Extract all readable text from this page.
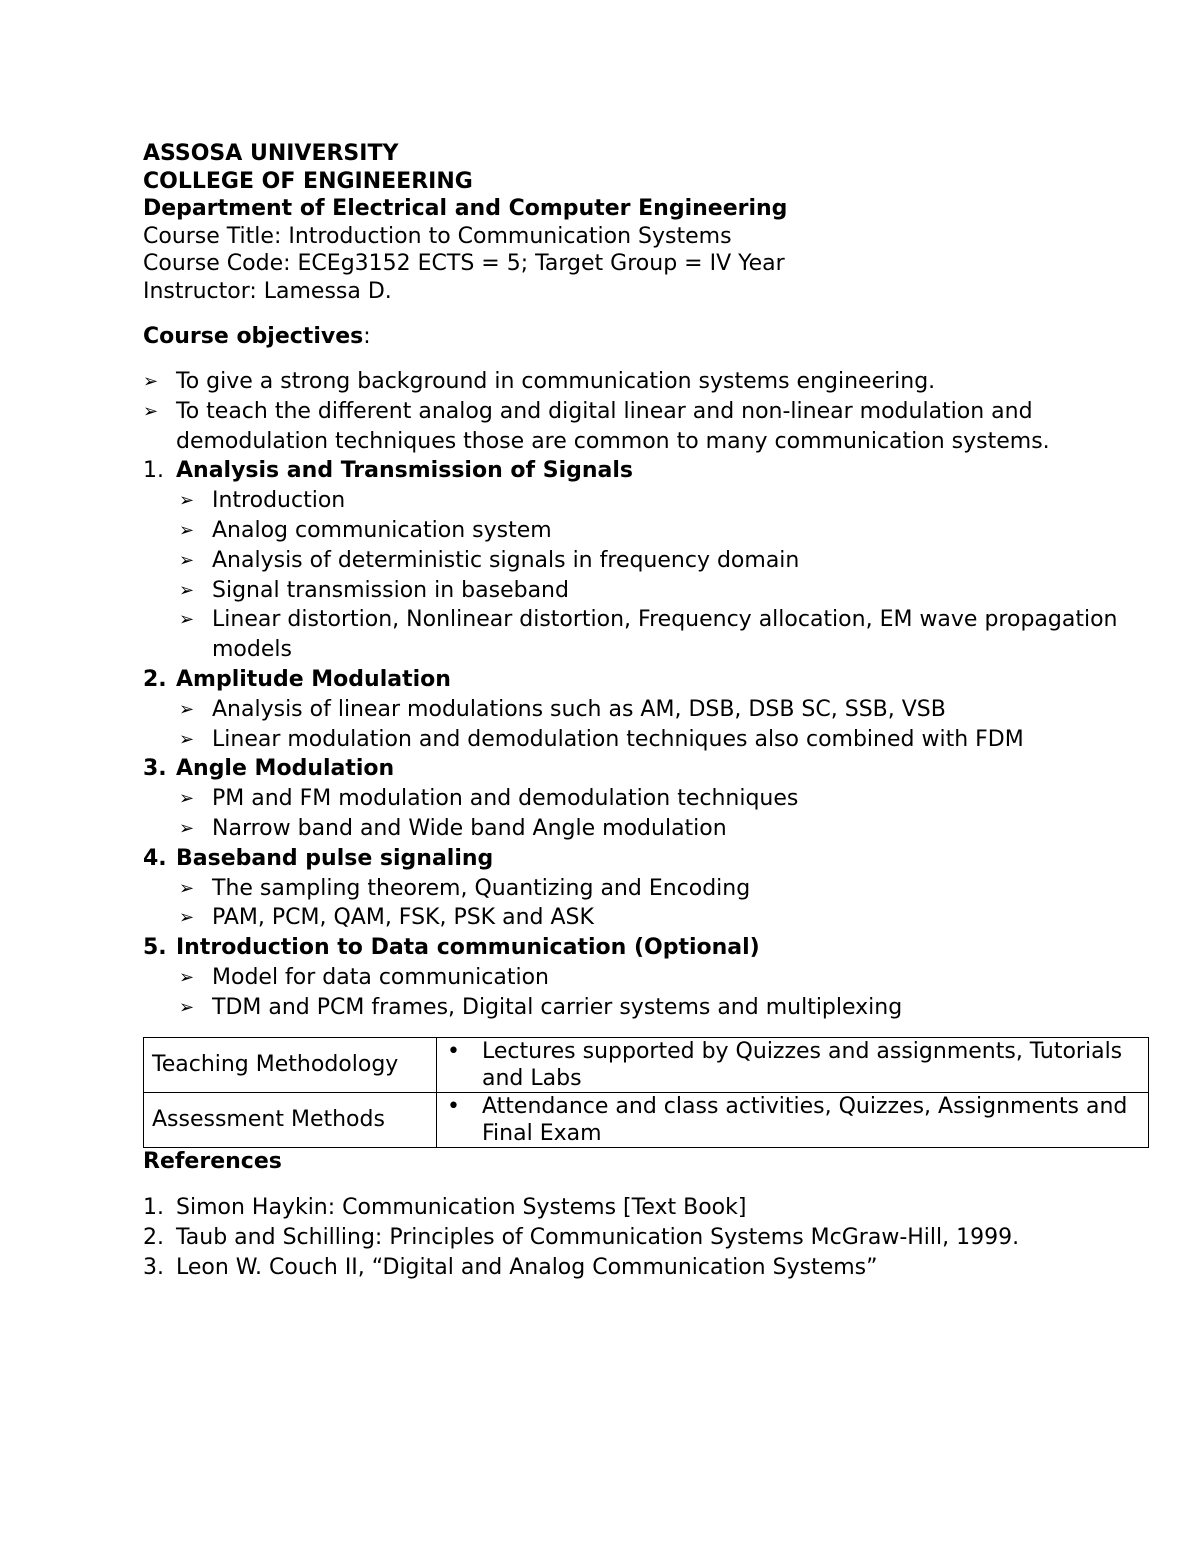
ASSOSA UNIVERSITY
COLLEGE OF ENGINEERING
Department of Electrical and Computer Engineering
Course Title: Introduction to Communication Systems
Course Code: ECEg3152 ECTS = 5; Target Group = IV Year
Instructor: Lamessa D.
Course objectives:
➢ To give a strong background in communication systems engineering.
➢ To teach the different analog and digital linear and non-linear modulation and demodulation techniques those are common to many communication systems.
1. Analysis and Transmission of Signals
➢ Introduction
➢ Analog communication system
➢ Analysis of deterministic signals in frequency domain
➢ Signal transmission in baseband
➢ Linear distortion, Nonlinear distortion, Frequency allocation, EM wave propagation models
2. Amplitude Modulation
➢ Analysis of linear modulations such as AM, DSB, DSB SC, SSB, VSB
➢ Linear modulation and demodulation techniques also combined with FDM
3. Angle Modulation
➢ PM and FM modulation and demodulation techniques
➢ Narrow band and Wide band Angle modulation
4. Baseband pulse signaling
➢ The sampling theorem, Quantizing and Encoding
➢ PAM, PCM, QAM, FSK, PSK and ASK
5. Introduction to Data communication (Optional)
➢ Model for data communication
➢ TDM and PCM frames, Digital carrier systems and multiplexing
Teaching Methodology	• Lectures supported by Quizzes and assignments, Tutorials and Labs
Assessment Methods	• Attendance and class activities, Quizzes, Assignments and Final Exam
References
1. Simon Haykin: Communication Systems [Text Book]
2. Taub and Schilling: Principles of Communication Systems McGraw-Hill, 1999.
3. Leon W. Couch II, “Digital and Analog Communication Systems”
